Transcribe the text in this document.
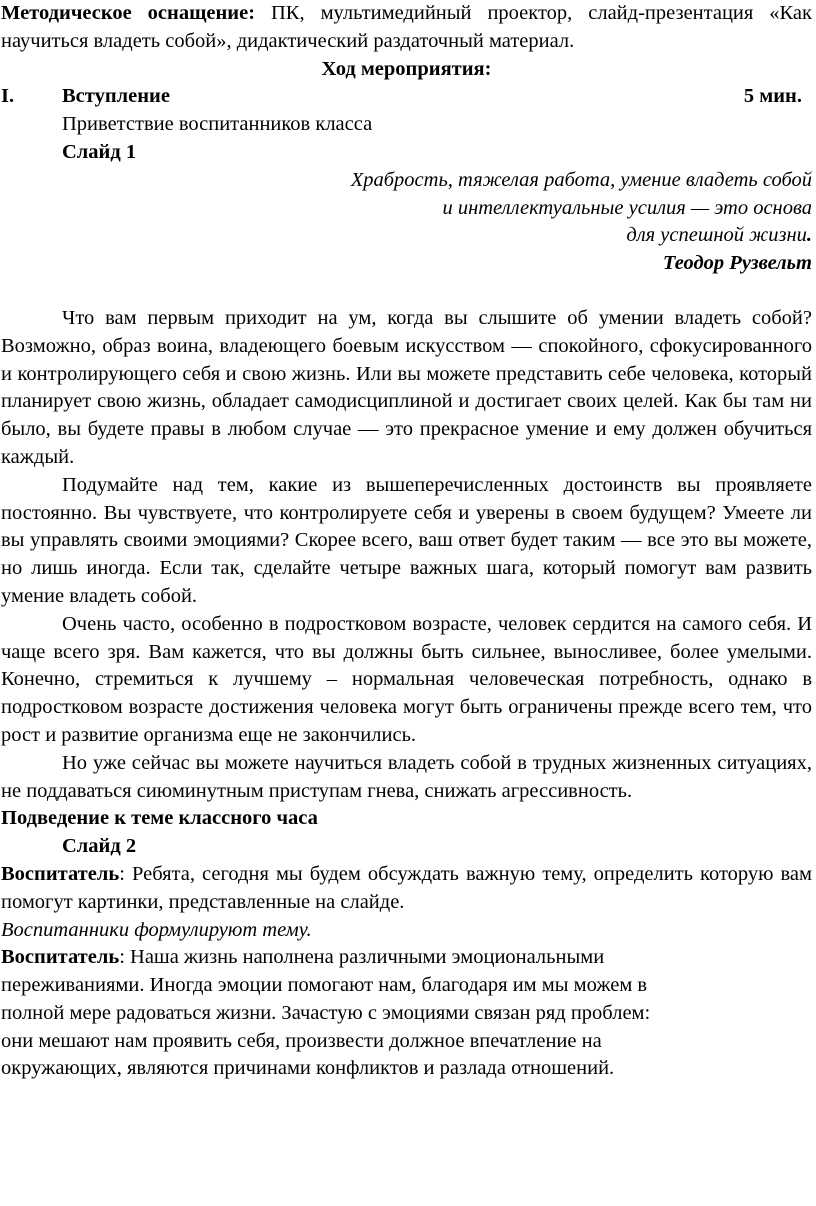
Методическое оснащение: ПК, мультимедийный проектор, слайд-презентация «Как научиться владеть собой», дидактический раздаточный материал.

Ход мероприятия:

I. Вступление	5 мин.

Приветствие воспитанников класса

Слайд 1

Храбрость, тяжелая работа, умение владеть собой

и интеллектуальные усилия — это основа

для успешной жизни.

Теодор Рузвельт

Что вам первым приходит на ум, когда вы слышите об умении владеть собой? Возможно, образ воина, владеющего боевым искусством — спокойного, сфокусированного и контролирующего себя и свою жизнь. Или вы можете представить себе человека, который планирует свою жизнь, обладает самодисциплиной и достигает своих целей. Как бы там ни было, вы будете правы в любом случае — это прекрасное умение и ему должен обучиться каждый.

Подумайте над тем, какие из вышеперечисленных достоинств вы проявляете постоянно. Вы чувствуете, что контролируете себя и уверены в своем будущем? Умеете ли вы управлять своими эмоциями? Скорее всего, ваш ответ будет таким — все это вы можете, но лишь иногда. Если так, сделайте четыре важных шага, который помогут вам развить умение владеть собой.

Очень часто, особенно в подростковом возрасте, человек сердится на самого себя. И чаще всего зря. Вам кажется, что вы должны быть сильнее, выносливее, более умелыми. Конечно, стремиться к лучшему – нормальная человеческая потребность, однако в подростковом возрасте достижения человека могут быть ограничены прежде всего тем, что рост и развитие организма еще не закончились.

Но уже сейчас вы можете научиться владеть собой в трудных жизненных ситуациях, не поддаваться сиюминутным приступам гнева, снижать агрессивность.

Подведение к теме классного часа

Слайд 2

Воспитатель: Ребята, сегодня мы будем обсуждать важную тему, определить которую вам помогут картинки, представленные на слайде.

Воспитанники формулируют тему.

Воспитатель: Наша жизнь наполнена различными эмоциональными

переживаниями. Иногда эмоции помогают нам, благодаря им мы можем в

полной мере радоваться жизни. Зачастую с эмоциями связан ряд проблем:

они мешают нам проявить себя, произвести должное впечатление на

окружающих, являются причинами конфликтов и разлада отношений.
